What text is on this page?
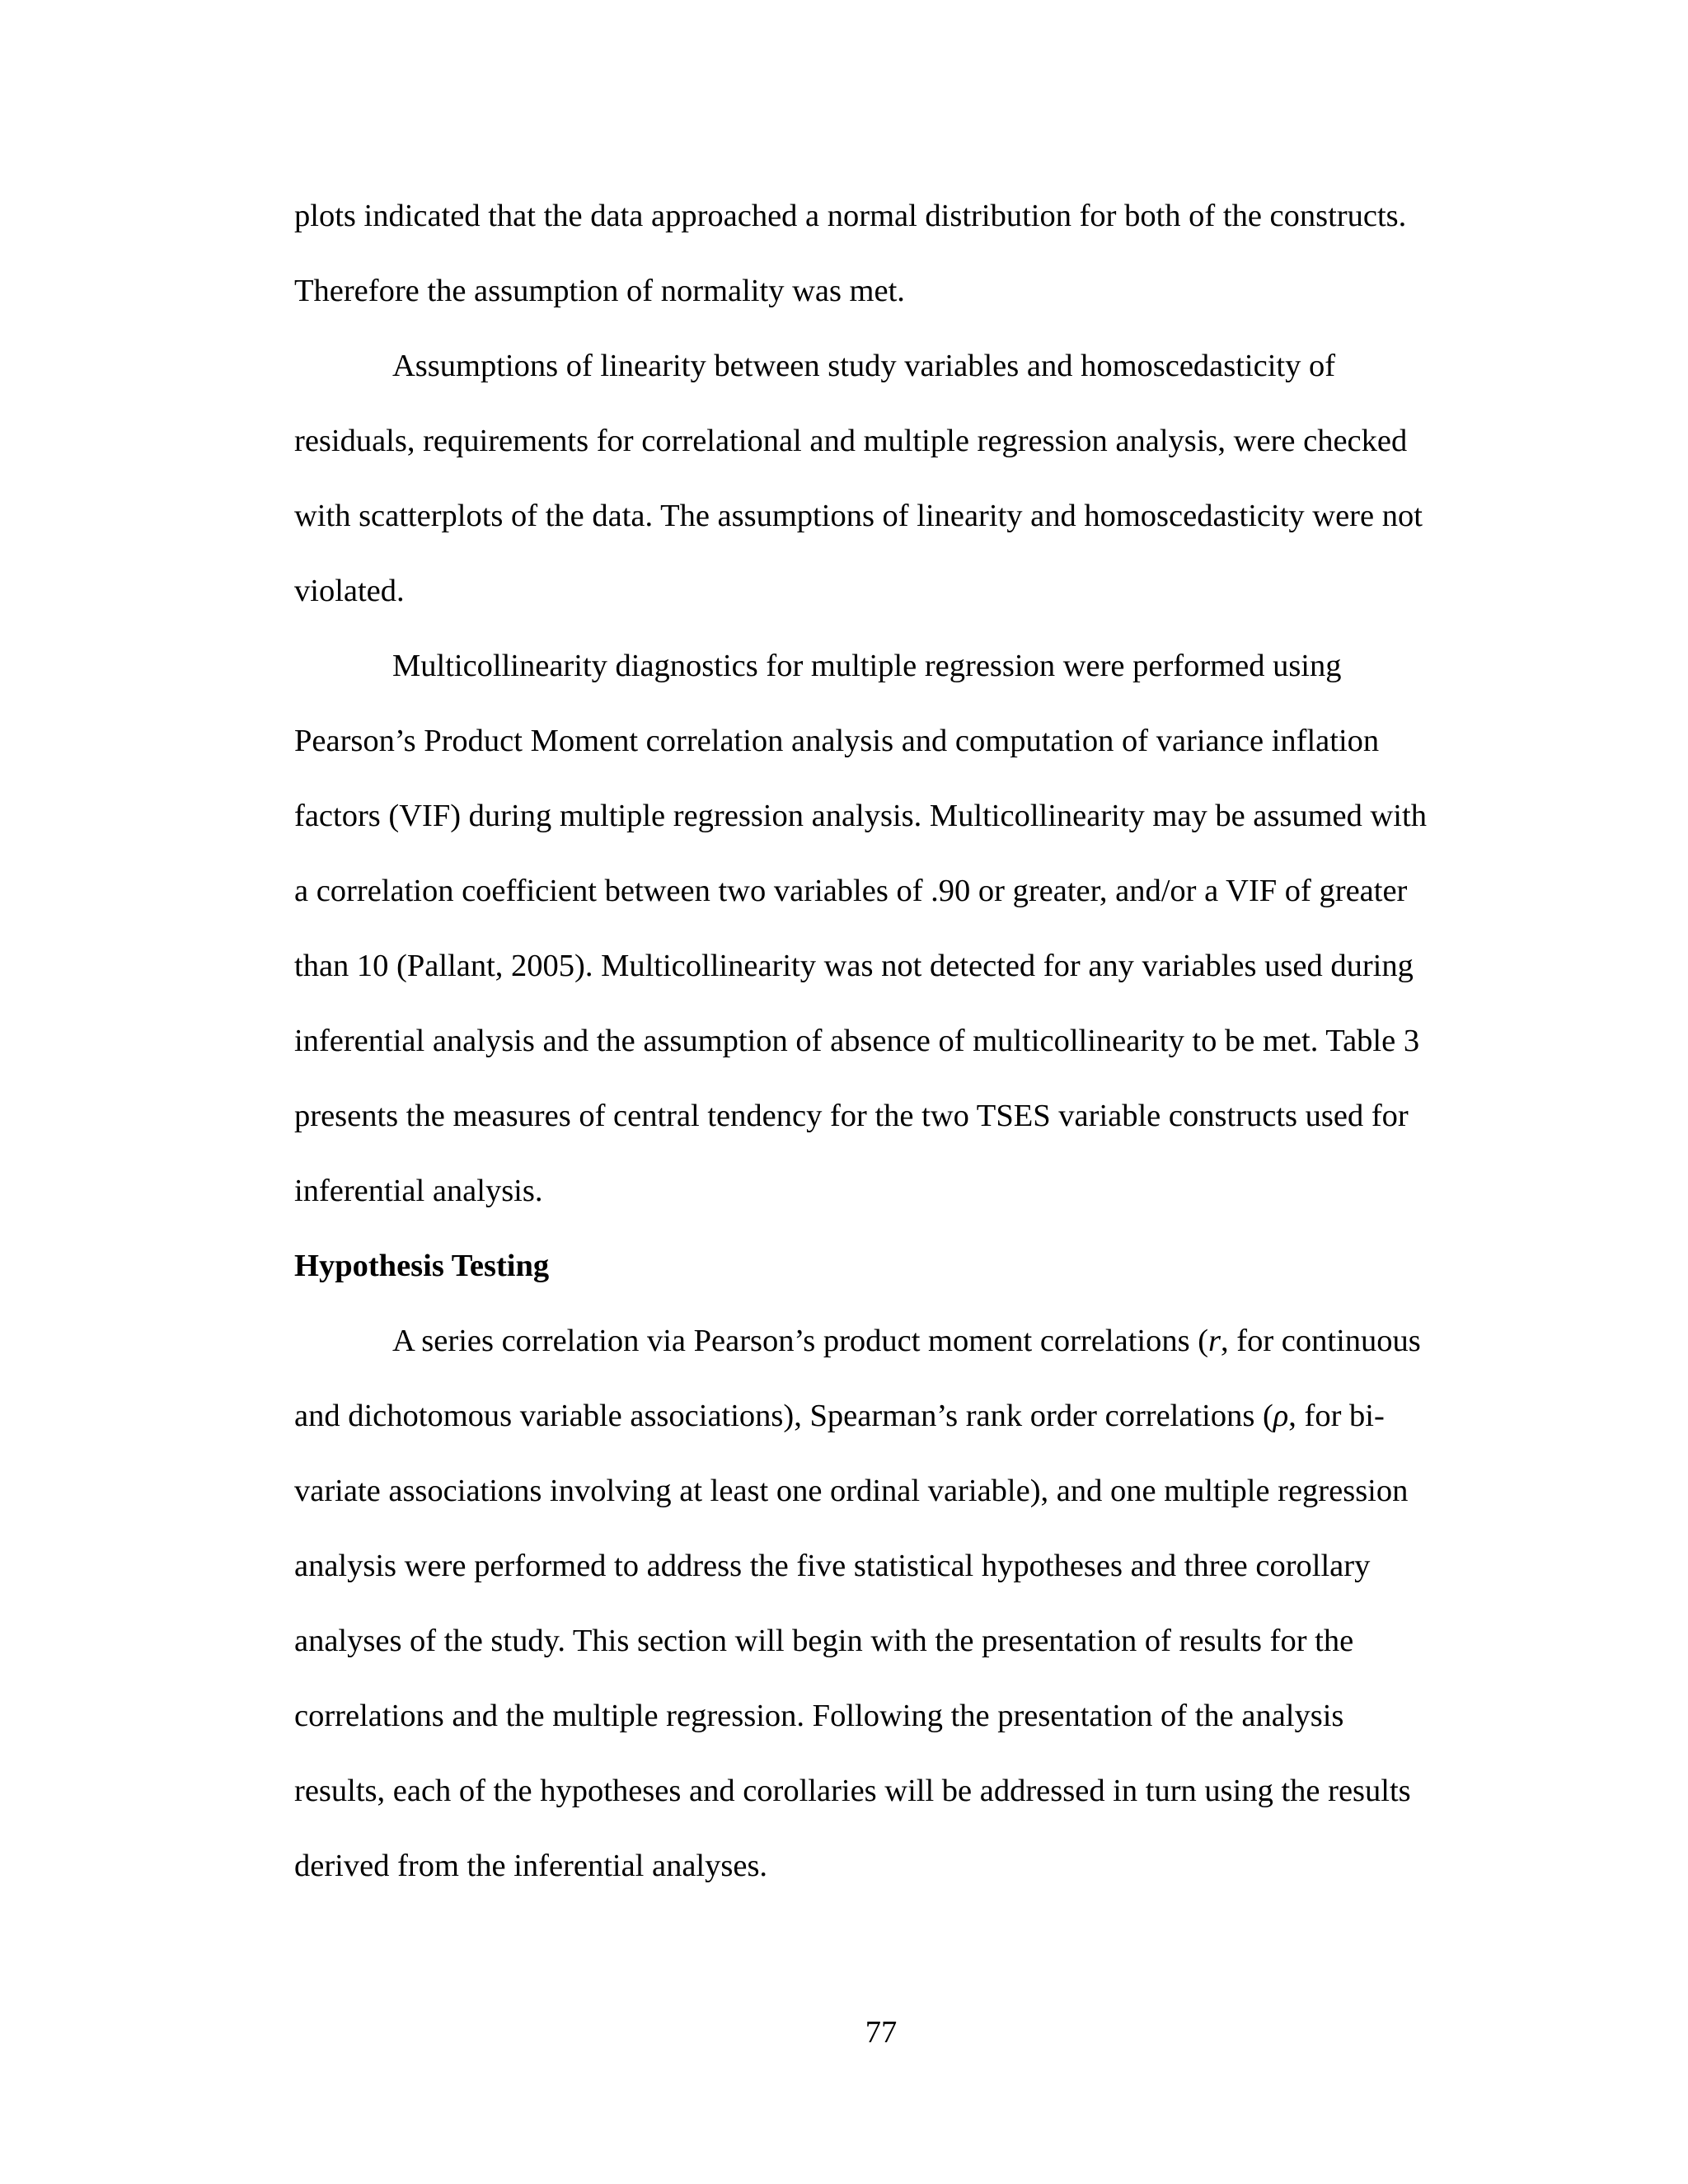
plots indicated that the data approached a normal distribution for both of the constructs.
Therefore the assumption of normality was met.
Assumptions of linearity between study variables and homoscedasticity of
residuals, requirements for correlational and multiple regression analysis, were checked
with scatterplots of the data. The assumptions of linearity and homoscedasticity were not
violated.
Multicollinearity diagnostics for multiple regression were performed using
Pearson’s Product Moment correlation analysis and computation of variance inflation
factors (VIF) during multiple regression analysis. Multicollinearity may be assumed with
a correlation coefficient between two variables of .90 or greater, and/or a VIF of greater
than 10 (Pallant, 2005). Multicollinearity was not detected for any variables used during
inferential analysis and the assumption of absence of multicollinearity to be met. Table 3
presents the measures of central tendency for the two TSES variable constructs used for
inferential analysis.
Hypothesis Testing
A series correlation via Pearson’s product moment correlations (r, for continuous
and dichotomous variable associations), Spearman’s rank order correlations (ρ, for bi-
variate associations involving at least one ordinal variable), and one multiple regression
analysis were performed to address the five statistical hypotheses and three corollary
analyses of the study. This section will begin with the presentation of results for the
correlations and the multiple regression. Following the presentation of the analysis
results, each of the hypotheses and corollaries will be addressed in turn using the results
derived from the inferential analyses.
77
